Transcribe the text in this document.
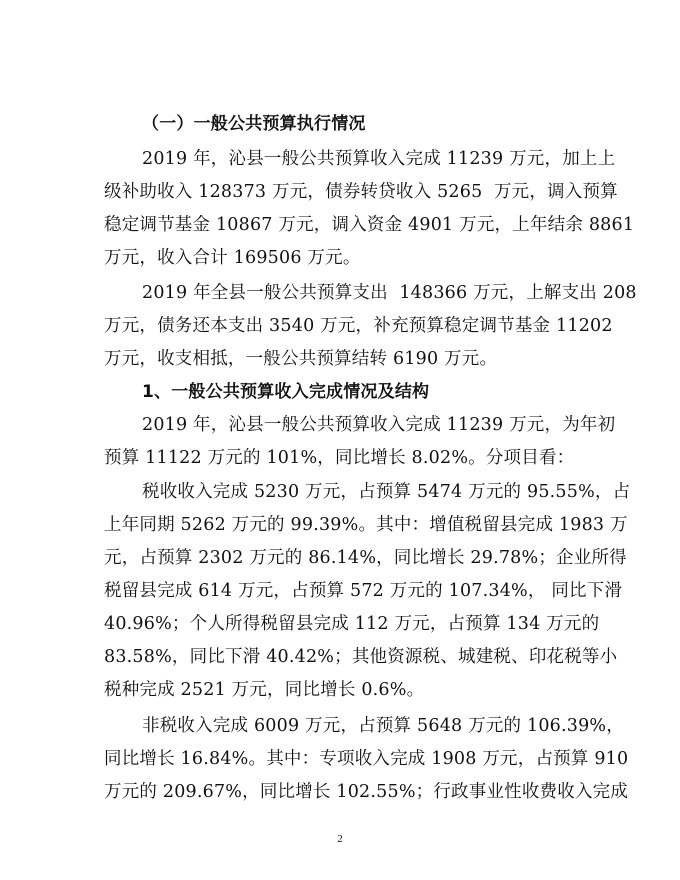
（一）一般公共预算执行情况
2019 年，沁县一般公共预算收入完成 11239 万元，加上上
级补助收入 128373 万元，债券转贷收入 5265  万元，调入预算
稳定调节基金 10867 万元，调入资金 4901 万元，上年结余 8861
万元，收入合计 169506 万元。
2019 年全县一般公共预算支出  148366 万元，上解支出 208
万元，债务还本支出 3540 万元，补充预算稳定调节基金 11202
万元，收支相抵，一般公共预算结转 6190 万元。
1、一般公共预算收入完成情况及结构
2019 年，沁县一般公共预算收入完成 11239 万元，为年初
预算 11122 万元的 101%，同比增长 8.02%。分项目看：
税收收入完成 5230 万元，占预算 5474 万元的 95.55%，占
上年同期 5262 万元的 99.39%。其中：增值税留县完成 1983 万
元，占预算 2302 万元的 86.14%，同比增长 29.78%；企业所得
税留县完成 614 万元，占预算 572 万元的 107.34%， 同比下滑
40.96%；个人所得税留县完成 112 万元，占预算 134 万元的
83.58%，同比下滑 40.42%；其他资源税、城建税、印花税等小
税种完成 2521 万元，同比增长 0.6%。
非税收入完成 6009 万元，占预算 5648 万元的 106.39%，
同比增长 16.84%。其中：专项收入完成 1908 万元，占预算 910
万元的 209.67%，同比增长 102.55%；行政事业性收费收入完成
2
